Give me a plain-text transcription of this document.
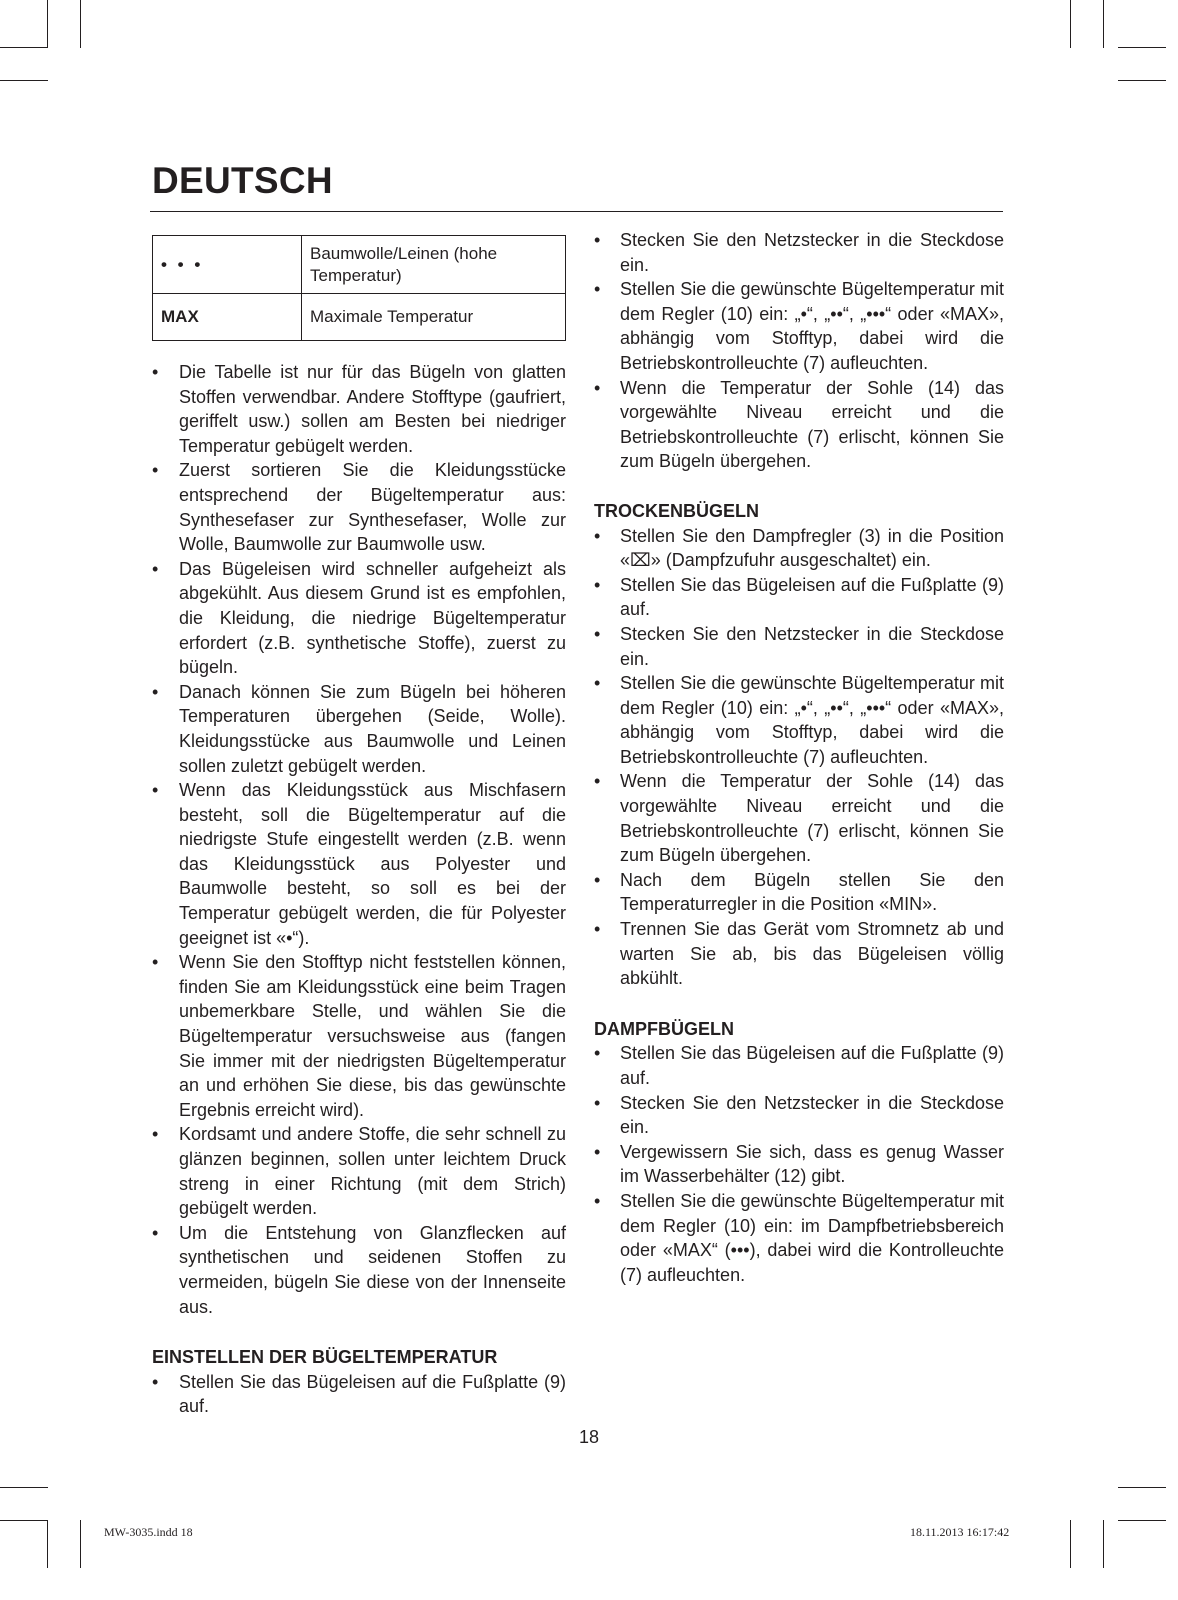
DEUTSCH
• • •	Baumwolle/Leinen (hohe Temperatur)
MAX	Maximale Temperatur
• Die Tabelle ist nur für das Bügeln von glatten Stoffen verwendbar. Andere Stofftype (gaufriert, geriffelt usw.) sollen am Besten bei niedriger Temperatur gebügelt werden.
• Zuerst sortieren Sie die Kleidungsstücke entsprechend der Bügeltemperatur aus: Synthesefaser zur Synthesefaser, Wolle zur Wolle, Baumwolle zur Baumwolle usw.
• Das Bügeleisen wird schneller aufgeheizt als abgekühlt. Aus diesem Grund ist es empfohlen, die Kleidung, die niedrige Bügeltemperatur erfordert (z.B. synthetische Stoffe), zuerst zu bügeln.
• Danach können Sie zum Bügeln bei höheren Temperaturen übergehen (Seide, Wolle). Kleidungsstücke aus Baumwolle und Leinen sollen zuletzt gebügelt werden.
• Wenn das Kleidungsstück aus Mischfasern besteht, soll die Bügeltemperatur auf die niedrigste Stufe eingestellt werden (z.B. wenn das Kleidungsstück aus Polyester und Baumwolle besteht, so soll es bei der Temperatur gebügelt werden, die für Polyester geeignet ist «•“).
• Wenn Sie den Stofftyp nicht feststellen können, finden Sie am Kleidungsstück eine beim Tragen unbemerkbare Stelle, und wählen Sie die Bügeltemperatur versuchsweise aus (fangen Sie immer mit der niedrigsten Bügeltemperatur an und erhöhen Sie diese, bis das gewünschte Ergebnis erreicht wird).
• Kordsamt und andere Stoffe, die sehr schnell zu glänzen beginnen, sollen unter leichtem Druck streng in einer Richtung (mit dem Strich) gebügelt werden.
• Um die Entstehung von Glanzflecken auf synthetischen und seidenen Stoffen zu vermeiden, bügeln Sie diese von der Innenseite aus.
EINSTELLEN DER BÜGELTEMPERATUR
• Stellen Sie das Bügeleisen auf die Fußplatte (9) auf.
• Stecken Sie den Netzstecker in die Steckdose ein.
• Stellen Sie die gewünschte Bügeltemperatur mit dem Regler (10) ein: „•“, „••“, „•••“ oder «MAX», abhängig vom Stofftyp, dabei wird die Betriebskontrolleuchte (7) aufleuchten.
• Wenn die Temperatur der Sohle (14) das vorgewählte Niveau erreicht und die Betriebskontrolleuchte (7) erlischt, können Sie zum Bügeln übergehen.
TROCKENBÜGELN
• Stellen Sie den Dampfregler (3) in die Position «⌧» (Dampfzufuhr ausgeschaltet) ein.
• Stellen Sie das Bügeleisen auf die Fußplatte (9) auf.
• Stecken Sie den Netzstecker in die Steckdose ein.
• Stellen Sie die gewünschte Bügeltemperatur mit dem Regler (10) ein: „•“, „••“, „•••“ oder «MAX», abhängig vom Stofftyp, dabei wird die Betriebskontrolleuchte (7) aufleuchten.
• Wenn die Temperatur der Sohle (14) das vorgewählte Niveau erreicht und die Betriebskontrolleuchte (7) erlischt, können Sie zum Bügeln übergehen.
• Nach dem Bügeln stellen Sie den Temperaturregler in die Position «MIN».
• Trennen Sie das Gerät vom Stromnetz ab und warten Sie ab, bis das Bügeleisen völlig abkühlt.
DAMPFBÜGELN
• Stellen Sie das Bügeleisen auf die Fußplatte (9) auf.
• Stecken Sie den Netzstecker in die Steckdose ein.
• Vergewissern Sie sich, dass es genug Wasser im Wasserbehälter (12) gibt.
• Stellen Sie die gewünschte Bügeltemperatur mit dem Regler (10) ein: im Dampfbetriebsbereich oder «MAX“ (•••), dabei wird die Kontrolleuchte (7) aufleuchten.
18
MW-3035.indd 18	18.11.2013 16:17:42
